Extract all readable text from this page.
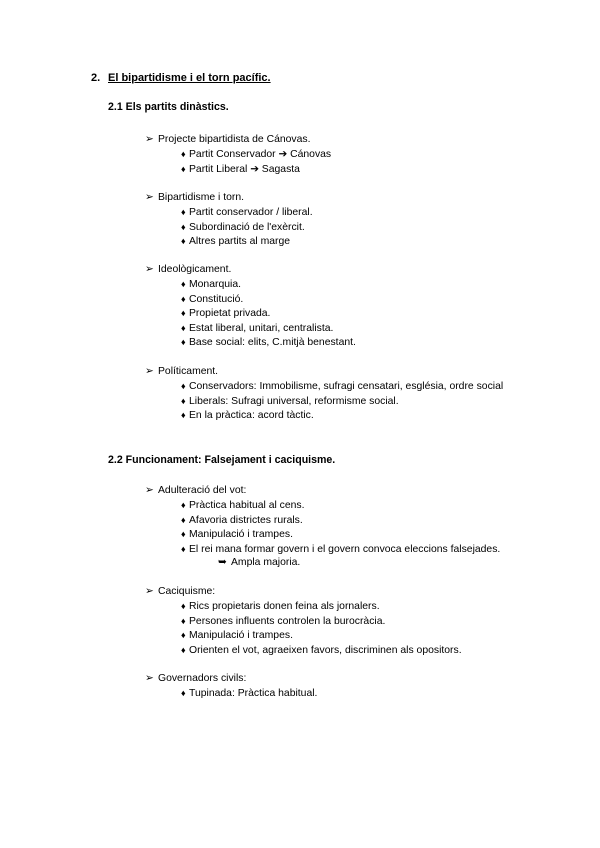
2. El bipartidisme i el torn pacífic.
2.1 Els partits dinàstics.
➢ Projecte bipartidista de Cánovas.
♦ Partit Conservador ➔ Cánovas
♦ Partit Liberal ➔ Sagasta
➢ Bipartidisme i torn.
♦ Partit conservador / liberal.
♦ Subordinació de l'exèrcit.
♦ Altres partits al marge
➢ Ideològicament.
♦ Monarquia.
♦ Constitució.
♦ Propietat privada.
♦ Estat liberal, unitari, centralista.
♦ Base social: elits, C.mitjà benestant.
➢ Políticament.
♦ Conservadors: Immobilisme, sufragi censatari, església, ordre social
♦ Liberals: Sufragi universal, reformisme social.
♦ En la pràctica: acord tàctic.
2.2 Funcionament: Falsejament i caciquisme.
➢ Adulteració del vot:
♦ Pràctica habitual al cens.
♦ Afavoria districtes rurals.
♦ Manipulació i trampes.
♦ El rei mana formar govern i el govern convoca eleccions falsejades.
➥ Ampla majoria.
➢ Caciquisme:
♦ Rics propietaris donen feina als jornalers.
♦ Persones influents controlen la burocràcia.
♦ Manipulació i trampes.
♦ Orienten el vot, agraeixen favors, discriminen als opositors.
➢ Governadors civils:
♦ Tupinada: Pràctica habitual.
